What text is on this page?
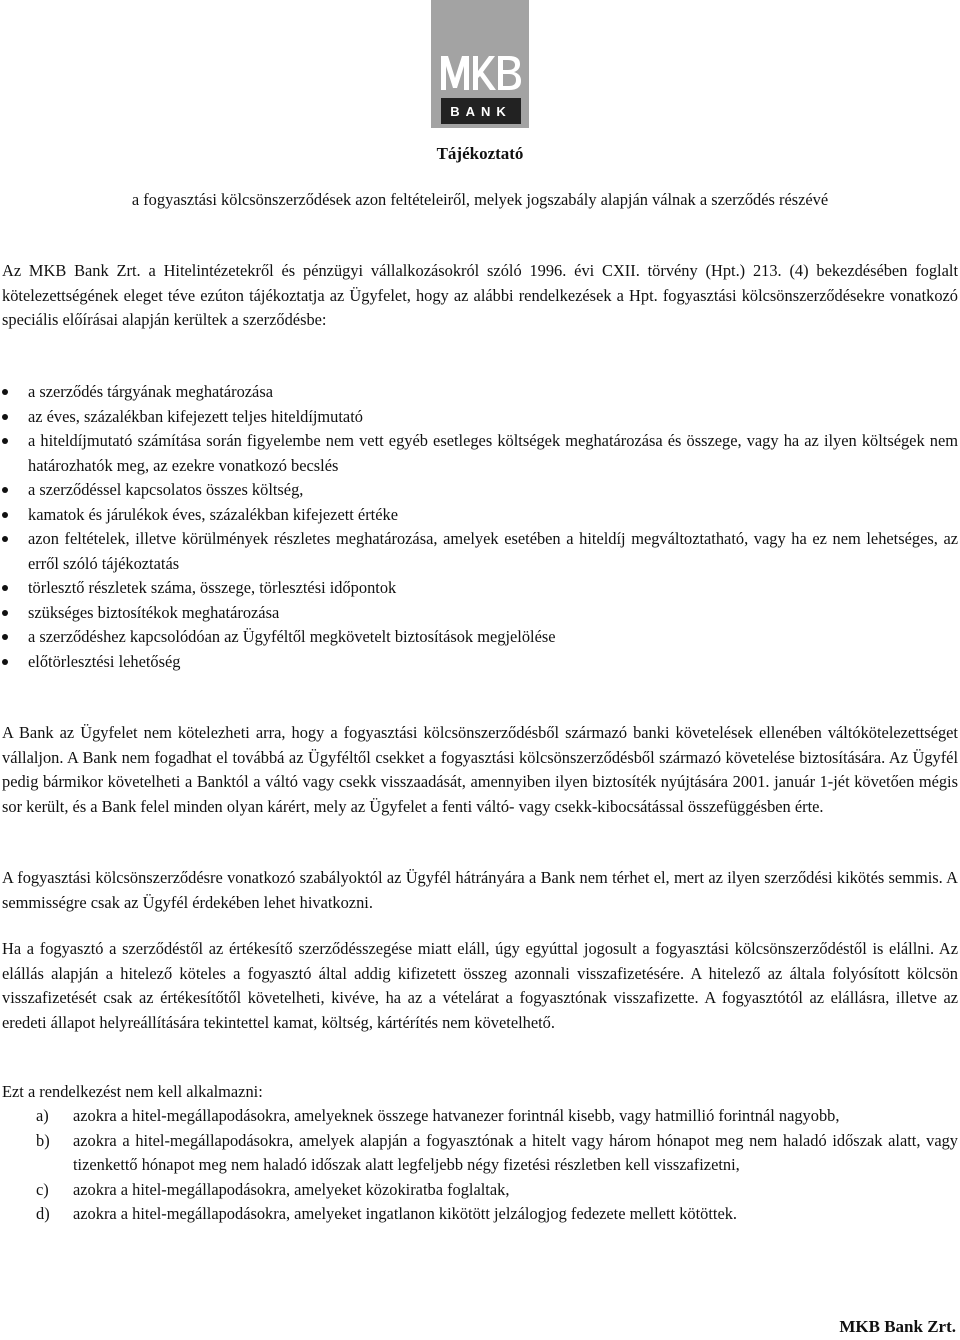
BANK
Tájékoztató
a fogyasztási kölcsönszerződések azon feltételeiről, melyek jogszabály alapján válnak a szerződés részévé
Az MKB Bank Zrt. a Hitelintézetekről és pénzügyi vállalkozásokról szóló 1996. évi CXII. törvény (Hpt.) 213. (4) bekezdésében foglalt kötelezettségének eleget téve ezúton tájékoztatja az Ügyfelet, hogy az alábbi rendelkezések a Hpt. fogyasztási kölcsönszerződésekre vonatkozó speciális előírásai alapján kerültek a szerződésbe:
a szerződés tárgyának meghatározása
az éves, százalékban kifejezett teljes hiteldíjmutató
a hiteldíjmutató számítása során figyelembe nem vett egyéb esetleges költségek meghatározása és összege, vagy ha az ilyen költségek nem határozhatók meg, az ezekre vonatkozó becslés
a szerződéssel kapcsolatos összes költség,
kamatok és járulékok éves, százalékban kifejezett értéke
azon feltételek, illetve körülmények részletes meghatározása, amelyek esetében a hiteldíj megváltoztatható, vagy ha ez nem lehetséges, az erről szóló tájékoztatás
törlesztő részletek száma, összege, törlesztési időpontok
szükséges biztosítékok meghatározása
a szerződéshez kapcsolódóan az Ügyféltől megkövetelt biztosítások megjelölése
előtörlesztési lehetőség
A Bank az Ügyfelet nem kötelezheti arra, hogy a fogyasztási kölcsönszerződésből származó banki követelések ellenében váltókötelezettséget vállaljon. A Bank nem fogadhat el továbbá az Ügyféltől csekket a fogyasztási kölcsönszerződésből származó követelése biztosítására. Az Ügyfél pedig bármikor követelheti a Banktól a váltó vagy csekk visszaadását, amennyiben ilyen biztosíték nyújtására 2001. január 1-jét követően mégis sor került, és a Bank felel minden olyan kárért, mely az Ügyfelet a fenti váltó- vagy csekk-kibocsátással összefüggésben érte.
A fogyasztási kölcsönszerződésre vonatkozó szabályoktól az Ügyfél hátrányára a Bank nem térhet el, mert az ilyen szerződési kikötés semmis. A semmisségre csak az Ügyfél érdekében lehet hivatkozni.
Ha a fogyasztó a szerződéstől az értékesítő szerződésszegése miatt eláll, úgy egyúttal jogosult a fogyasztási kölcsönszerződéstől is elállni. Az elállás alapján a hitelező köteles a fogyasztó által addig kifizetett összeg azonnali visszafizetésére. A hitelező az általa folyósított kölcsön visszafizetését csak az értékesítőtől követelheti, kivéve, ha az a vételárat a fogyasztónak visszafizette. A fogyasztótól az elállásra, illetve az eredeti állapot helyreállítására tekintettel kamat, költség, kártérítés nem követelhető.
Ezt a rendelkezést nem kell alkalmazni:
a) azokra a hitel-megállapodásokra, amelyeknek összege hatvanezer forintnál kisebb, vagy hatmillió forintnál nagyobb,
b) azokra a hitel-megállapodásokra, amelyek alapján a fogyasztónak a hitelt vagy három hónapot meg nem haladó időszak alatt, vagy tizenkettő hónapot meg nem haladó időszak alatt legfeljebb négy fizetési részletben kell visszafizetni,
c) azokra a hitel-megállapodásokra, amelyeket közokiratba foglaltak,
d) azokra a hitel-megállapodásokra, amelyeket ingatlanon kikötött jelzálogjog fedezete mellett kötöttek.
MKB Bank Zrt.
